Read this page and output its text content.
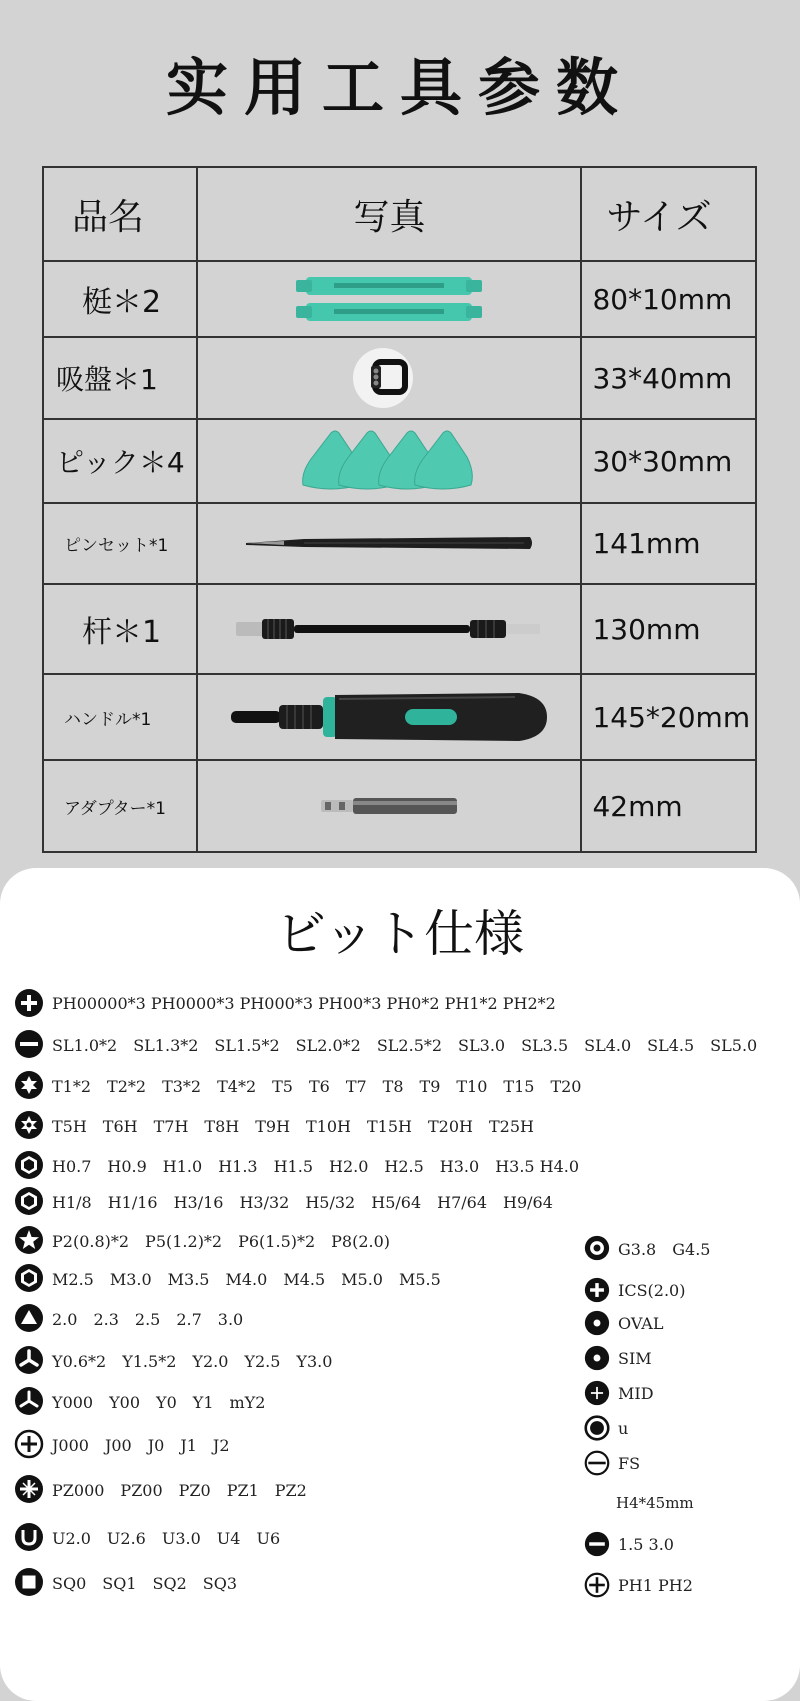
实用工具参数
品名	写真	サイズ
梃＊2		80*10mm
吸盤＊1		33*40mm
ピック＊4		30*30mm
ピンセット*1		141mm
杆＊1		130mm
ハンドル*1		145*20mm
アダプター*1		42mm
ビット仕様
PH00000*3 PH0000*3 PH000*3 PH00*3 PH0*2 PH1*2 PH2*2
SL1.0*2　SL1.3*2　SL1.5*2　SL2.0*2　SL2.5*2　SL3.0　SL3.5　SL4.0　SL4.5　SL5.0
T1*2　T2*2　T3*2　T4*2　T5　T6　T7　T8　T9　T10　T15　T20
T5H　T6H　T7H　T8H　T9H　T10H　T15H　T20H　T25H
H0.7　H0.9　H1.0　H1.3　H1.5　H2.0　H2.5　H3.0　H3.5 H4.0
H1/8　H1/16　H3/16　H3/32　H5/32　H5/64　H7/64　H9/64
P2(0.8)*2　P5(1.2)*2　P6(1.5)*2　P8(2.0)
M2.5　M3.0　M3.5　M4.0　M4.5　M5.0　M5.5
2.0　2.3　2.5　2.7　3.0
Y0.6*2　Y1.5*2　Y2.0　Y2.5　Y3.0
Y000　Y00　Y0　Y1　mY2
J000　J00　J0　J1　J2
PZ000　PZ00　PZ0　PZ1　PZ2
U2.0　U2.6　U3.0　U4　U6
SQ0　SQ1　SQ2　SQ3
G3.8　G4.5
ICS(2.0)
OVAL
SIM
MID
u
FS
H4*45mm
1.5 3.0
PH1 PH2
